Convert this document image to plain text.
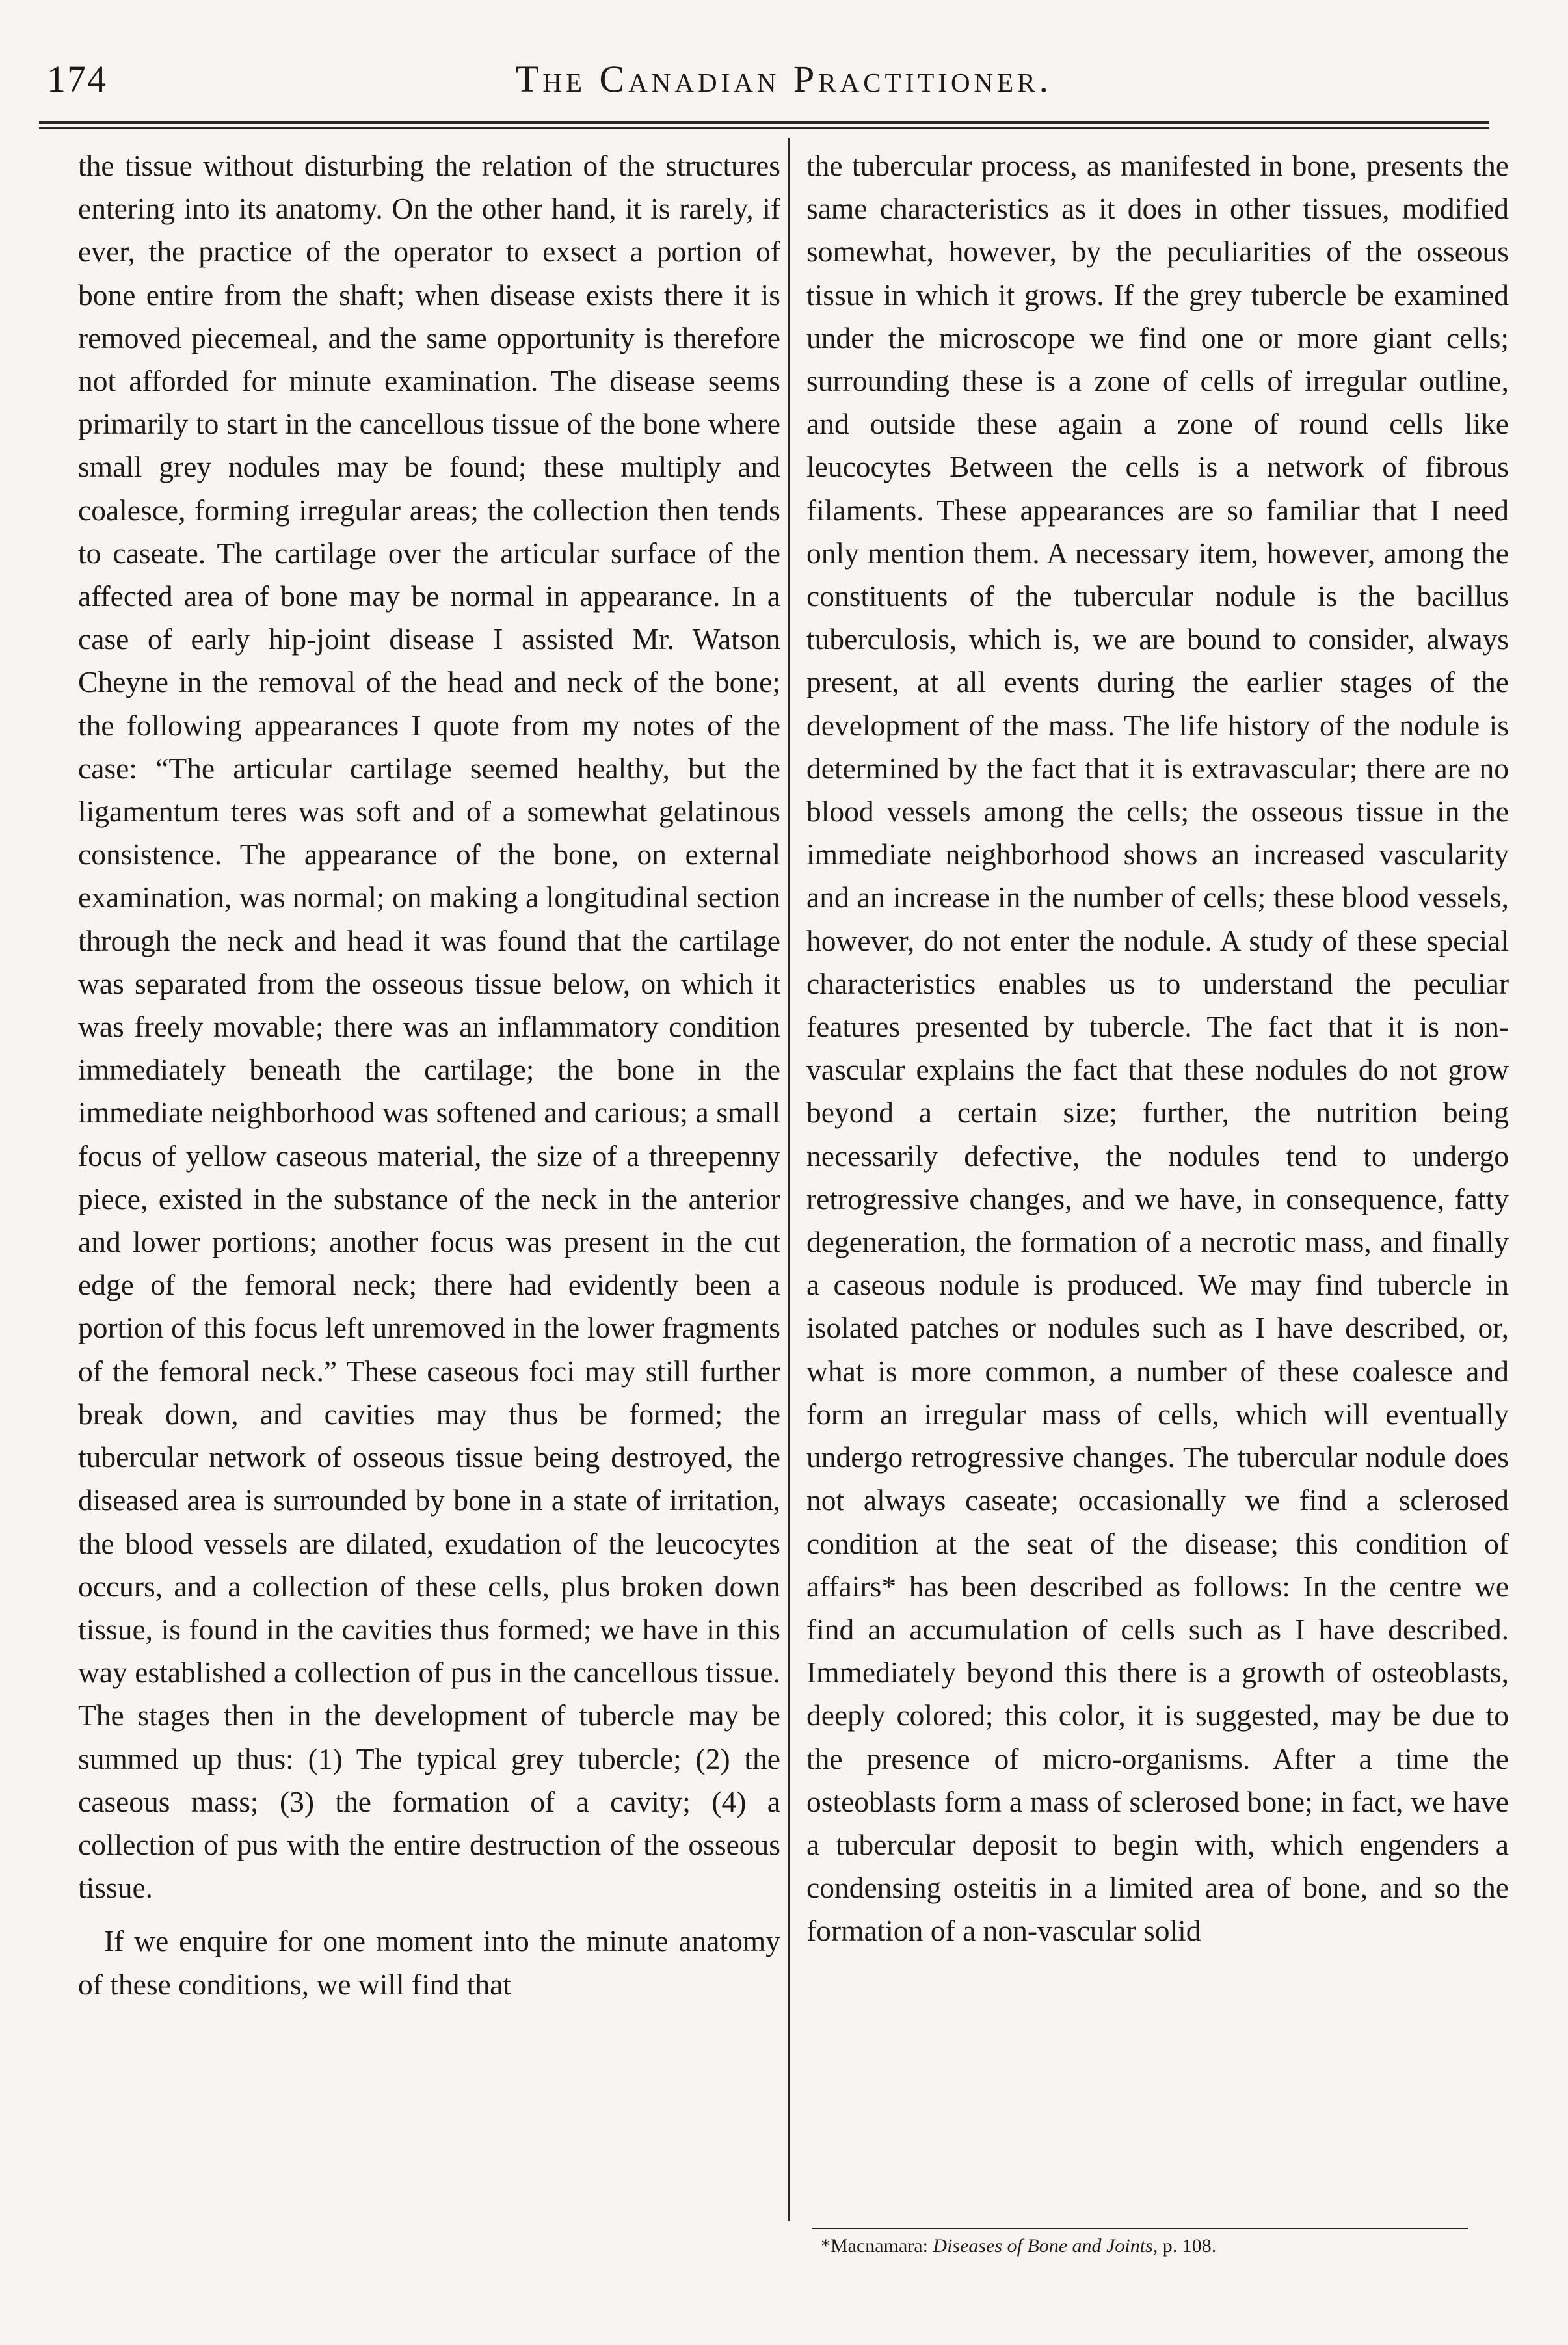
174	The Canadian Practitioner.

the tissue without disturbing the relation of the structures entering into its anatomy. On the other hand, it is rarely, if ever, the practice of the operator to exsect a portion of bone entire from the shaft; when disease exists there it is removed piecemeal, and the same opportunity is therefore not afforded for minute examination. The disease seems primarily to start in the cancellous tissue of the bone where small grey nodules may be found; these multiply and coalesce, forming irregular areas; the collection then tends to caseate. The cartilage over the articular surface of the affected area of bone may be normal in appearance. In a case of early hip-joint disease I assisted Mr. Watson Cheyne in the removal of the head and neck of the bone; the following appearances I quote from my notes of the case: “The articular cartilage seemed healthy, but the ligamentum teres was soft and of a somewhat gelatinous consistence. The appearance of the bone, on external examination, was normal; on making a longitudinal section through the neck and head it was found that the cartilage was separated from the osseous tissue below, on which it was freely movable; there was an inflammatory condition immediately beneath the cartilage; the bone in the immediate neighborhood was softened and carious; a small focus of yellow caseous material, the size of a threepenny piece, existed in the substance of the neck in the anterior and lower portions; another focus was present in the cut edge of the femoral neck; there had evidently been a portion of this focus left unremoved in the lower fragments of the femoral neck.” These caseous foci may still further break down, and cavities may thus be formed; the tubercular network of osseous tissue being destroyed, the diseased area is surrounded by bone in a state of irritation, the blood vessels are dilated, exudation of the leucocytes occurs, and a collection of these cells, plus broken down tissue, is found in the cavities thus formed; we have in this way established a collection of pus in the cancellous tissue. The stages then in the development of tubercle may be summed up thus: (1) The typical grey tubercle; (2) the caseous mass; (3) the formation of a cavity; (4) a collection of pus with the entire destruction of the osseous tissue.

If we enquire for one moment into the minute anatomy of these conditions, we will find that

the tubercular process, as manifested in bone, presents the same characteristics as it does in other tissues, modified somewhat, however, by the peculiarities of the osseous tissue in which it grows. If the grey tubercle be examined under the microscope we find one or more giant cells; surrounding these is a zone of cells of irregular outline, and outside these again a zone of round cells like leucocytes Between the cells is a network of fibrous filaments. These appearances are so familiar that I need only mention them. A necessary item, however, among the constituents of the tubercular nodule is the bacillus tuberculosis, which is, we are bound to consider, always present, at all events during the earlier stages of the development of the mass. The life history of the nodule is determined by the fact that it is extravascular; there are no blood vessels among the cells; the osseous tissue in the immediate neighborhood shows an increased vascularity and an increase in the number of cells; these blood vessels, however, do not enter the nodule. A study of these special characteristics enables us to understand the peculiar features presented by tubercle. The fact that it is non-vascular explains the fact that these nodules do not grow beyond a certain size; further, the nutrition being necessarily defective, the nodules tend to undergo retrogressive changes, and we have, in consequence, fatty degeneration, the formation of a necrotic mass, and finally a caseous nodule is produced. We may find tubercle in isolated patches or nodules such as I have described, or, what is more common, a number of these coalesce and form an irregular mass of cells, which will eventually undergo retrogressive changes. The tubercular nodule does not always caseate; occasionally we find a sclerosed condition at the seat of the disease; this condition of affairs* has been described as follows: In the centre we find an accumulation of cells such as I have described. Immediately beyond this there is a growth of osteoblasts, deeply colored; this color, it is suggested, may be due to the presence of micro-organisms. After a time the osteoblasts form a mass of sclerosed bone; in fact, we have a tubercular deposit to begin with, which engenders a condensing osteitis in a limited area of bone, and so the formation of a non-vascular solid

*Macnamara: Diseases of Bone and Joints, p. 108.
